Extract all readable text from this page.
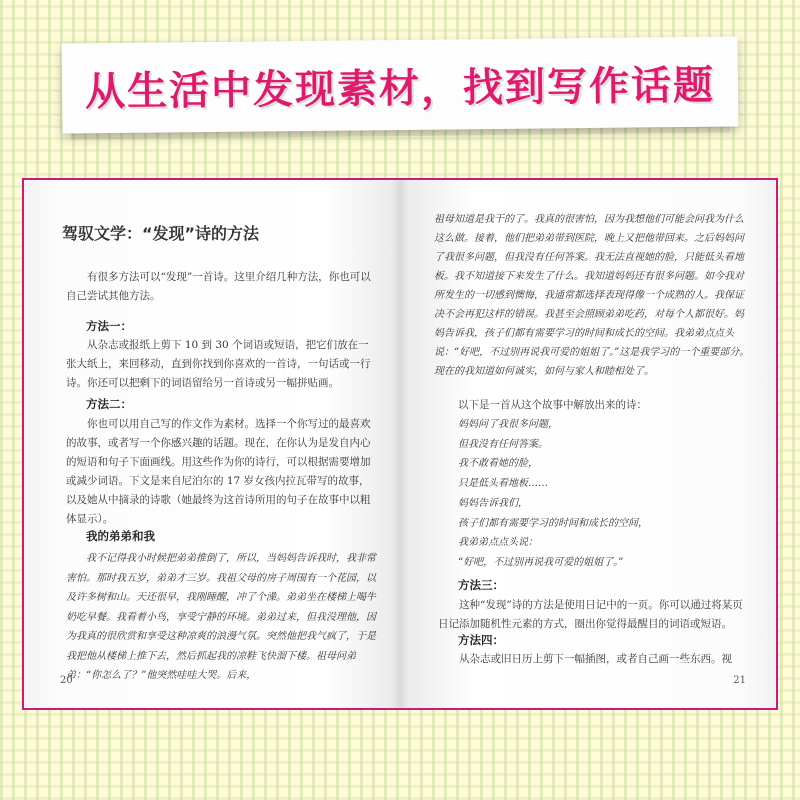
从生活中发现素材，找到写作话题
驾驭文学：“发现”诗的方法

有很多方法可以“发现”一首诗。这里介绍几种方法，你也可以自己尝试其他方法。

方法一：

从杂志或报纸上剪下 10 到 30 个词语或短语，把它们放在一张大纸上，来回移动，直到你找到你喜欢的一首诗，一句话或一行诗。你还可以把剩下的词语留给另一首诗或另一幅拼贴画。

方法二：

你也可以用自己写的作文作为素材。选择一个你写过的最喜欢的故事，或者写一个你感兴趣的话题。现在，在你认为是发自内心的短语和句子下面画线。用这些作为你的诗行，可以根据需要增加或减少词语。下文是来自尼泊尔的 17 岁女孩内拉瓦带写的故事，以及她从中摘录的诗歌（她最终为这首诗所用的句子在故事中以粗体显示）。

我的弟弟和我

我不记得我小时候把弟弟推倒了，所以，当妈妈告诉我时，我非常害怕。那时我五岁，弟弟才三岁。我祖父母的房子周围有一个花园，以及许多树和山。天还很早，我刚睡醒，冲了个澡。弟弟坐在楼梯上喝牛奶吃早餐。我看着小鸟，享受宁静的环境。弟弟过来，但我没理他，因为我真的很欣赏和享受这种凉爽的浪漫气氛。突然他把我气疯了，于是我把他从楼梯上推下去，然后抓起我的凉鞋飞快溜下楼。祖母问弟弟：“你怎么了？”他突然哇哇大哭。后来，

20

祖母知道是我干的了。我真的很害怕，因为我想他们可能会问我为什么这么做。接着，他们把弟弟带到医院，晚上又把他带回来。之后妈妈问了我很多问题，但我没有任何答案。我无法直视她的脸，只能低头看地板。我不知道接下来发生了什么。我知道妈妈还有很多问题。如今我对所发生的一切感到懊悔，我通常都选择表现得像一个成熟的人。我保证决不会再犯这样的错误。我甚至会照顾弟弟吃药，对每个人都很好。妈妈告诉我，孩子们都有需要学习的时间和成长的空间。我弟弟点点头说：“好吧，不过别再说我可爱的姐姐了。”这是我学习的一个重要部分。现在的我知道如何诚实，如何与家人和睦相处了。

以下是一首从这个故事中解放出来的诗：

妈妈问了我很多问题，
但我没有任何答案。
我不敢看她的脸，
只是低头看地板……
妈妈告诉我们，
孩子们都有需要学习的时间和成长的空间，
我弟弟点点头说：
“好吧，不过别再说我可爱的姐姐了。”
方法三：

这种“发现”诗的方法是使用日记中的一页。你可以通过将某页日记添加随机性元素的方式，圈出你觉得最醒目的词语或短语。

方法四：

从杂志或旧日历上剪下一幅插图，或者自己画一些东西。视

21
